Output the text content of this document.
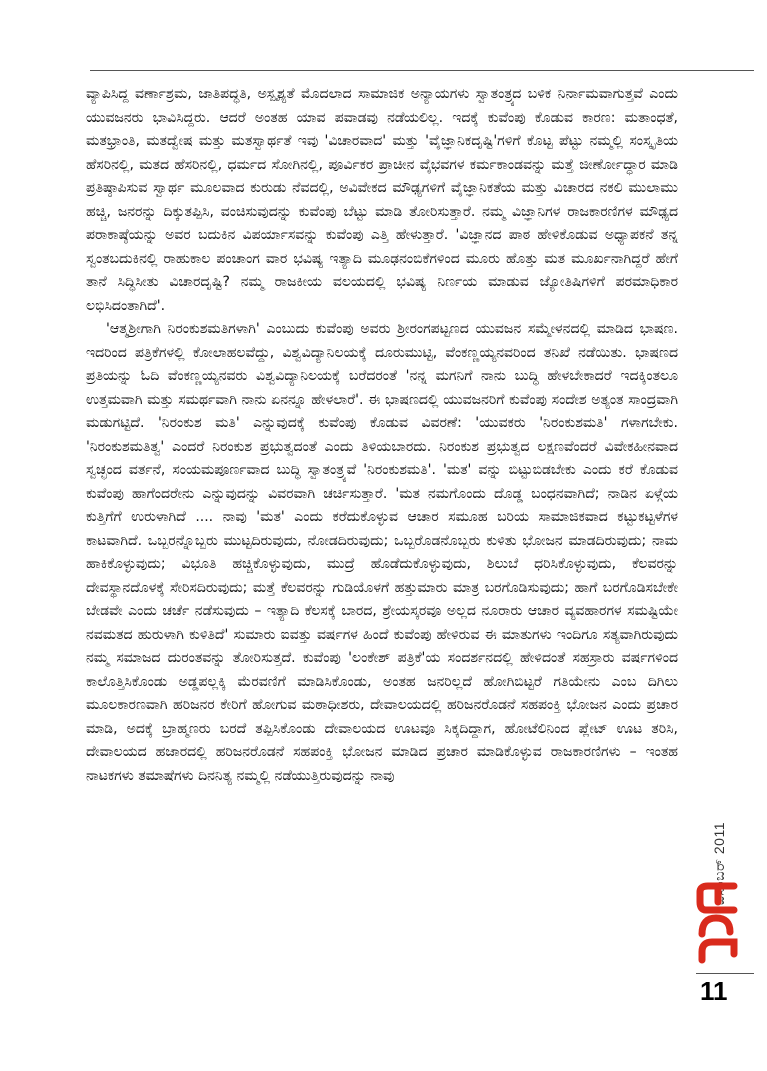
ವ್ಯಾಪಿಸಿದ್ದ ವರ್ಣಾಶ್ರಮ, ಜಾತಿಪದ್ಧತಿ, ಅಸ್ಪೃಶ್ಯತೆ ಮೊದಲಾದ ಸಾಮಾಜಿಕ ಅನ್ಯಾಯಗಳು ಸ್ವಾತಂತ್ರ್ಯದ ಬಳಿಕ ನಿರ್ನಾಮವಾಗುತ್ತವೆ ಎಂದು ಯುವಜನರು ಭಾವಿಸಿದ್ದರು. ಆದರೆ ಅಂತಹ ಯಾವ ಪವಾಡವು ನಡೆಯಲಿಲ್ಲ. ಇದಕ್ಕೆ ಕುವೆಂಪು ಕೊಡುವ ಕಾರಣ: ಮತಾಂಧತೆ, ಮತಭ್ರಾಂತಿ, ಮತದ್ವೇಷ ಮತ್ತು ಮತಸ್ವಾರ್ಥತೆ ಇವು 'ವಿಚಾರವಾದ' ಮತ್ತು 'ವೈಜ್ಞಾನಿಕದೃಷ್ಟಿ'ಗಳಿಗೆ ಕೊಟ್ಟ ಪೆಟ್ಟು ನಮ್ಮಲ್ಲಿ ಸಂಸ್ಕೃತಿಯ ಹೆಸರಿನಲ್ಲಿ, ಮತದ ಹೆಸರಿನಲ್ಲಿ, ಧರ್ಮದ ಸೋಗಿನಲ್ಲಿ, ಪೂರ್ವಿಕರ ಪ್ರಾಚೀನ ವೈಭವಗಳ ಕರ್ಮಕಾಂಡವನ್ನು ಮತ್ತೆ ಜೀರ್ಣೋದ್ಧಾರ ಮಾಡಿ ಪ್ರತಿಷ್ಠಾಪಿಸುವ ಸ್ವಾರ್ಥ ಮೂಲವಾದ ಕುರುಡು ನೆವದಲ್ಲಿ, ಅವಿವೇಕದ ಮೌಢ್ಯಗಳಿಗೆ ವೈಜ್ಞಾನಿಕತೆಯ ಮತ್ತು ವಿಚಾರದ ನಕಲಿ ಮುಲಾಮು ಹಚ್ಚಿ, ಜನರನ್ನು ದಿಕ್ಕುತಪ್ಪಿಸಿ, ವಂಚಿಸುವುದನ್ನು ಕುವೆಂಪು ಬೆಟ್ಟು ಮಾಡಿ ತೋರಿಸುತ್ತಾರೆ. ನಮ್ಮ ವಿಜ್ಞಾನಿಗಳ ರಾಜಕಾರಣಿಗಳ ಮೌಢ್ಯದ ಪರಾಕಾಷ್ಠೆಯನ್ನು ಅವರ ಬದುಕಿನ ವಿಪರ್ಯಾಸವನ್ನು ಕುವೆಂಪು ಎತ್ತಿ ಹೇಳುತ್ತಾರೆ. 'ವಿಜ್ಞಾನದ ಪಾಠ ಹೇಳಿಕೊಡುವ ಅಧ್ಯಾಪಕನೆ ತನ್ನ ಸ್ವಂತಬದುಕಿನಲ್ಲಿ ರಾಹುಕಾಲ ಪಂಚಾಂಗ ವಾರ ಭವಿಷ್ಯ ಇತ್ಯಾದಿ ಮೂಢನಂಬಿಕೆಗಳಿಂದ ಮೂರು ಹೊತ್ತು ಮತ ಮೂರ್ಖನಾಗಿದ್ದರೆ ಹೇಗೆ ತಾನೆ ಸಿದ್ಧಿಸೀತು ವಿಚಾರದೃಷ್ಟಿ? ನಮ್ಮ ರಾಜಕೀಯ ವಲಯದಲ್ಲಿ ಭವಿಷ್ಯ ನಿರ್ಣಯ ಮಾಡುವ ಜ್ಯೋತಿಷಿಗಳಿಗೆ ಪರಮಾಧಿಕಾರ ಲಭಿಸಿದಂತಾಗಿದೆ'.

'ಆತ್ಮಶ್ರೀಗಾಗಿ ನಿರಂಕುಶಮತಿಗಳಾಗಿ' ಎಂಬುದು ಕುವೆಂಪು ಅವರು ಶ್ರೀರಂಗಪಟ್ಟಣದ ಯುವಜನ ಸಮ್ಮೇಳನದಲ್ಲಿ ಮಾಡಿದ ಭಾಷಣ. ಇದರಿಂದ ಪತ್ರಿಕೆಗಳಲ್ಲಿ ಕೋಲಾಹಲವೆದ್ದು, ವಿಶ್ವವಿದ್ಯಾನಿಲಯಕ್ಕೆ ದೂರುಮುಟ್ಟಿ, ವೆಂಕಣ್ಣಯ್ಯನವರಿಂದ ತನಿಖೆ ನಡೆಯಿತು. ಭಾಷಣದ ಪ್ರತಿಯನ್ನು ಓದಿ ವೆಂಕಣ್ಣಯ್ಯನವರು ವಿಶ್ವವಿದ್ಯಾನಿಲಯಕ್ಕೆ ಬರೆದರಂತೆ 'ನನ್ನ ಮಗನಿಗೆ ನಾನು ಬುದ್ಧಿ ಹೇಳಬೇಕಾದರೆ ಇದಕ್ಕಿಂತಲೂ ಉತ್ತಮವಾಗಿ ಮತ್ತು ಸಮರ್ಥವಾಗಿ ನಾನು ಏನನ್ನೂ ಹೇಳಲಾರೆ'. ಈ ಭಾಷಣದಲ್ಲಿ ಯುವಜನರಿಗೆ ಕುವೆಂಪು ಸಂದೇಶ ಅತ್ಯಂತ ಸಾಂದ್ರವಾಗಿ ಮಡುಗಟ್ಟಿದೆ. 'ನಿರಂಕುಶ ಮತಿ' ಎನ್ನುವುದಕ್ಕೆ ಕುವೆಂಪು ಕೊಡುವ ವಿವರಣೆ: 'ಯುವಕರು 'ನಿರಂಕುಶಮತಿ' ಗಳಾಗಬೇಕು. 'ನಿರಂಕುಶಮತಿತ್ವ' ಎಂದರೆ ನಿರಂಕುಶ ಪ್ರಭುತ್ವದಂತೆ ಎಂದು ತಿಳಿಯಬಾರದು. ನಿರಂಕುಶ ಪ್ರಭುತ್ವದ ಲಕ್ಷಣವೆಂದರೆ ವಿವೇಕಹೀನವಾದ ಸ್ವಚ್ಛಂದ ವರ್ತನೆ, ಸಂಯಮಪೂರ್ಣವಾದ ಬುದ್ಧಿ ಸ್ವಾತಂತ್ರ್ಯವೆ 'ನಿರಂಕುಶಮತಿ'. 'ಮತ' ವನ್ನು ಬಿಟ್ಟುಬಿಡಬೇಕು ಎಂದು ಕರೆ ಕೊಡುವ ಕುವೆಂಪು ಹಾಗೆಂದರೇನು ಎನ್ನುವುದನ್ನು ವಿವರವಾಗಿ ಚರ್ಚಿಸುತ್ತಾರೆ. 'ಮತ ನಮಗೊಂದು ದೊಡ್ಡ ಬಂಧನವಾಗಿದೆ; ನಾಡಿನ ಏಳ್ಗೆಯ ಕುತ್ತಿಗೆಗೆ ಉರುಳಾಗಿದೆ .... ನಾವು 'ಮತ' ಎಂದು ಕರೆದುಕೊಳ್ಳುವ ಆಚಾರ ಸಮೂಹ ಬರಿಯ ಸಾಮಾಜಿಕವಾದ ಕಟ್ಟುಕಟ್ಟಳೆಗಳ ಕಾಟವಾಗಿದೆ. ಒಬ್ಬರನ್ನೊಬ್ಬರು ಮುಟ್ಟದಿರುವುದು, ನೋಡದಿರುವುದು; ಒಬ್ಬರೊಡನೊಬ್ಬರು ಕುಳಿತು ಭೋಜನ ಮಾಡದಿರುವುದು; ನಾಮ ಹಾಕಿಕೊಳ್ಳುವುದು; ವಿಭೂತಿ ಹಚ್ಚಿಕೊಳ್ಳುವುದು, ಮುದ್ರೆ ಹೊಡೆದುಕೊಳ್ಳುವುದು, ಶಿಲುಬೆ ಧರಿಸಿಕೊಳ್ಳುವುದು, ಕೆಲವರನ್ನು ದೇವಸ್ಥಾನದೊಳಕ್ಕೆ ಸೇರಿಸದಿರುವುದು; ಮತ್ತೆ ಕೆಲವರನ್ನು ಗುಡಿಯೊಳಗೆ ಹತ್ತುಮಾರು ಮಾತ್ರ ಬರಗೊಡಿಸುವುದು; ಹಾಗೆ ಬರಗೊಡಿಸಬೇಕೇ ಬೇಡವೇ ಎಂದು ಚರ್ಚೆ ನಡೆಸುವುದು – ಇತ್ಯಾದಿ ಕೆಲಸಕ್ಕೆ ಬಾರದ, ಶ್ರೇಯಸ್ಕರವೂ ಅಲ್ಲದ ನೂರಾರು ಆಚಾರ ವ್ಯವಹಾರಗಳ ಸಮಷ್ಟಿಯೇ ನವಮತದ ಹುರುಳಾಗಿ ಕುಳಿತಿದೆ' ಸುಮಾರು ಐವತ್ತು ವರ್ಷಗಳ ಹಿಂದೆ ಕುವೆಂಪು ಹೇಳಿರುವ ಈ ಮಾತುಗಳು ಇಂದಿಗೂ ಸತ್ಯವಾಗಿರುವುದು ನಮ್ಮ ಸಮಾಜದ ದುರಂತವನ್ನು ತೋರಿಸುತ್ತದೆ. ಕುವೆಂಪು 'ಲಂಕೇಶ್ ಪತ್ರಿಕೆ'ಯ ಸಂದರ್ಶನದಲ್ಲಿ ಹೇಳಿದಂತೆ ಸಹಸ್ರಾರು ವರ್ಷಗಳಿಂದ ಕಾಲೊತ್ತಿಸಿಕೊಂಡು ಅಡ್ಡಪಲ್ಲಕ್ಕಿ ಮೆರವಣಿಗೆ ಮಾಡಿಸಿಕೊಂಡು, ಅಂತಹ ಜನರಿಲ್ಲದೆ ಹೋಗಿಬಿಟ್ಟರೆ ಗತಿಯೇನು ಎಂಬ ದಿಗಿಲು ಮೂಲಕಾರಣವಾಗಿ ಹರಿಜನರ ಕೇರಿಗೆ ಹೋಗುವ ಮಠಾಧೀಶರು, ದೇವಾಲಯದಲ್ಲಿ ಹರಿಜನರೊಡನೆ ಸಹಪಂಕ್ತಿ ಭೋಜನ ಎಂದು ಪ್ರಚಾರ ಮಾಡಿ, ಅದಕ್ಕೆ ಬ್ರಾಹ್ಮಣರು ಬರದೆ ತಪ್ಪಿಸಿಕೊಂಡು ದೇವಾಲಯದ ಊಟವೂ ಸಿಕ್ಕದಿದ್ದಾಗ, ಹೋಟೆಲಿನಿಂದ ಪ್ಲೇಟ್ ಊಟ ತರಿಸಿ, ದೇವಾಲಯದ ಹಜಾರದಲ್ಲಿ ಹರಿಜನರೊಡನೆ ಸಹಪಂಕ್ತಿ ಭೋಜನ ಮಾಡಿದ ಪ್ರಚಾರ ಮಾಡಿಕೊಳ್ಳುವ ರಾಜಕಾರಣಿಗಳು – ಇಂತಹ ನಾಟಕಗಳು ತಮಾಷೆಗಳು ದಿನನಿತ್ಯ ನಮ್ಮಲ್ಲಿ ನಡೆಯುತ್ತಿರುವುದನ್ನು ನಾವು

ಡಿಸೆಂಬರ್ 2011
11
